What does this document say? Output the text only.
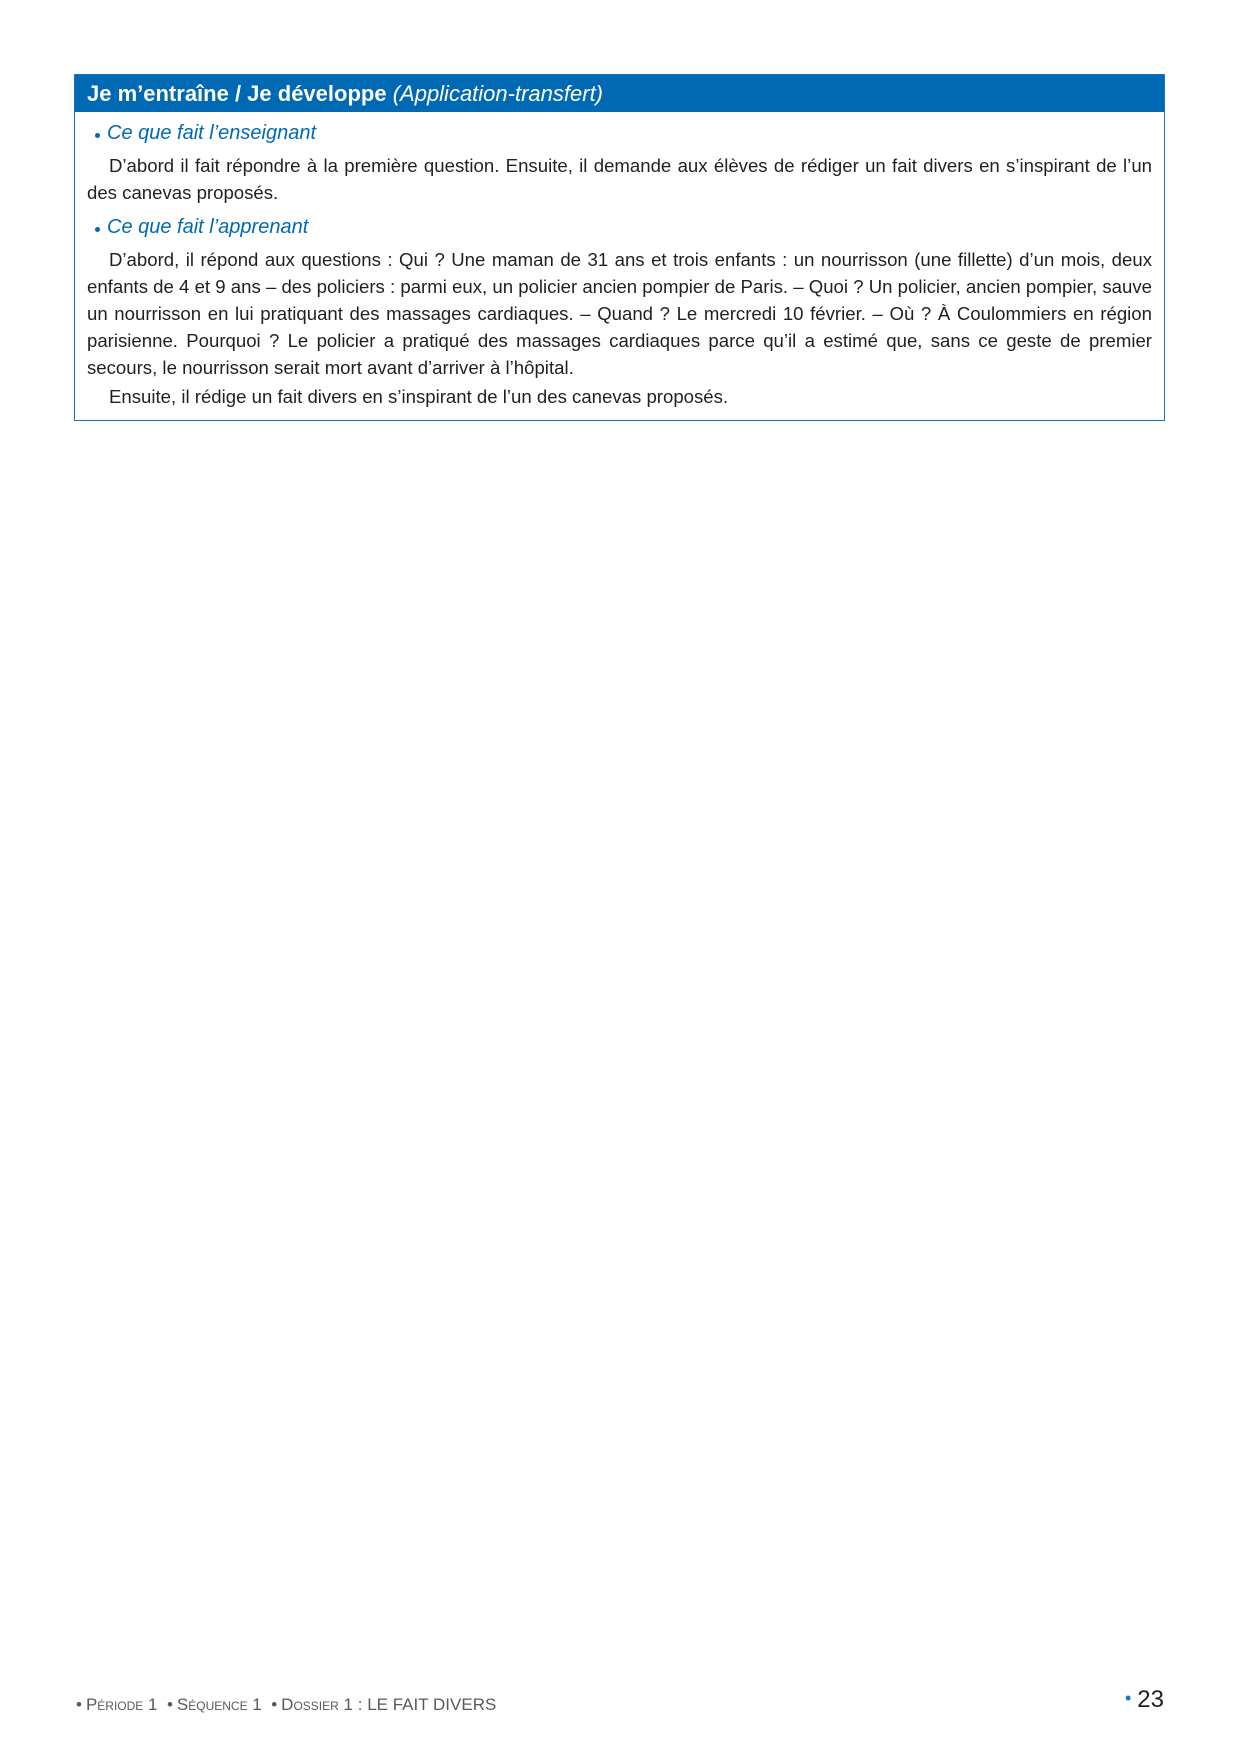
Je m’entraîne / Je développe (Application-transfert)
Ce que fait l’enseignant

D’abord il fait répondre à la première question. Ensuite, il demande aux élèves de rédiger un fait divers en s’inspirant de l’un des canevas proposés.

Ce que fait l’apprenant

D’abord, il répond aux questions : Qui ? Une maman de 31 ans et trois enfants : un nourrisson (une fillette) d’un mois, deux enfants de 4 et 9 ans – des policiers : parmi eux, un policier ancien pompier de Paris. – Quoi ? Un policier, ancien pompier, sauve un nourrisson en lui pratiquant des massages cardiaques. – Quand ? Le mercredi 10 février. – Où ? À Coulommiers en région parisienne. Pourquoi ? Le policier a pratiqué des massages cardiaques parce qu’il a estimé que, sans ce geste de premier secours, le nourrisson serait mort avant d’arriver à l’hôpital.

Ensuite, il rédige un fait divers en s’inspirant de l’un des canevas proposés.

• Période 1 • Séquence 1 • Dossier 1 : LE FAIT DIVERS	• 23
